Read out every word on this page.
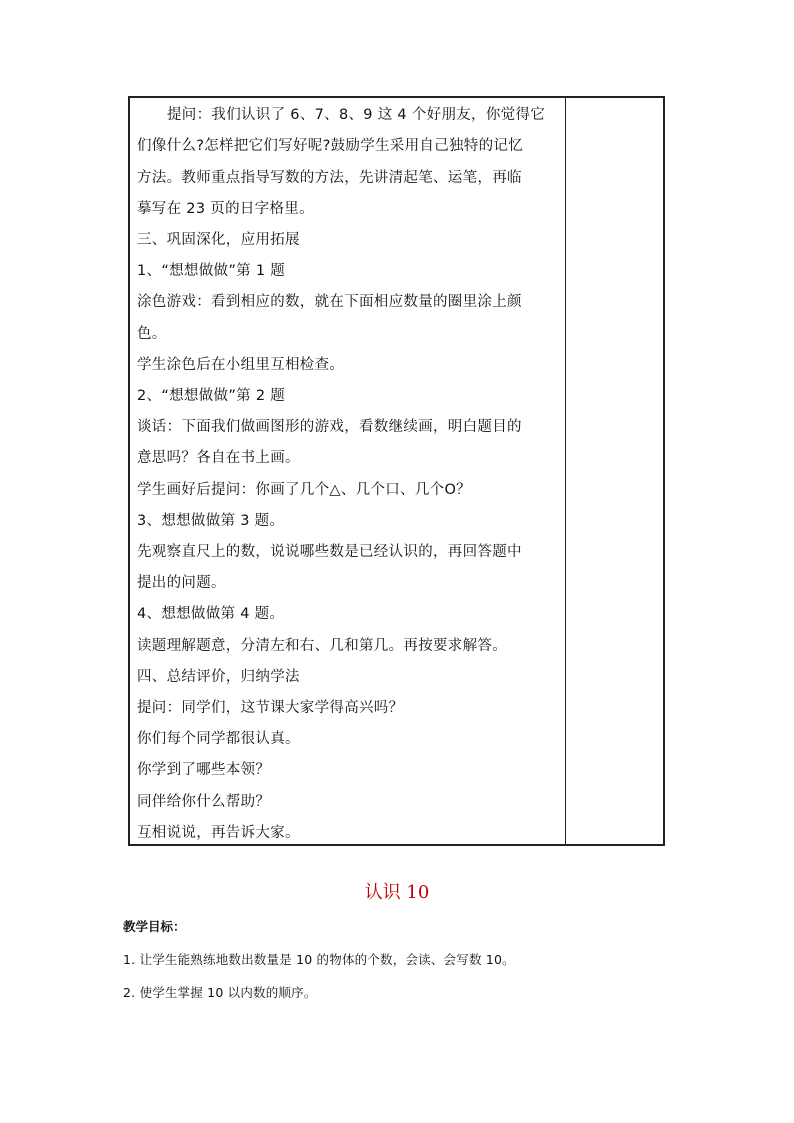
提问：我们认识了 6、7、8、9 这 4 个好朋友，你觉得它
们像什么?怎样把它们写好呢?鼓励学生采用自己独特的记忆
方法。教师重点指导写数的方法，先讲清起笔、运笔，再临
摹写在 23 页的日字格里。
三、巩固深化，应用拓展
1、“想想做做”第 1 题
涂色游戏：看到相应的数，就在下面相应数量的圈里涂上颜
色。
学生涂色后在小组里互相检查。
2、“想想做做”第 2 题
谈话：下面我们做画图形的游戏，看数继续画，明白题目的
意思吗？各自在书上画。
学生画好后提问：你画了几个△、几个口、几个O？
3、想想做做第 3 题。
先观察直尺上的数，说说哪些数是已经认识的，再回答题中
提出的问题。
4、想想做做第 4 题。
读题理解题意，分清左和右、几和第几。再按要求解答。
四、总结评价，归纳学法
提问：同学们，这节课大家学得高兴吗？
你们每个同学都很认真。
你学到了哪些本领？
同伴给你什么帮助？
互相说说，再告诉大家。
认识 10
教学目标：
1. 让学生能熟练地数出数量是 10 的物体的个数，会读、会写数 10。
2. 使学生掌握 10 以内数的顺序。
